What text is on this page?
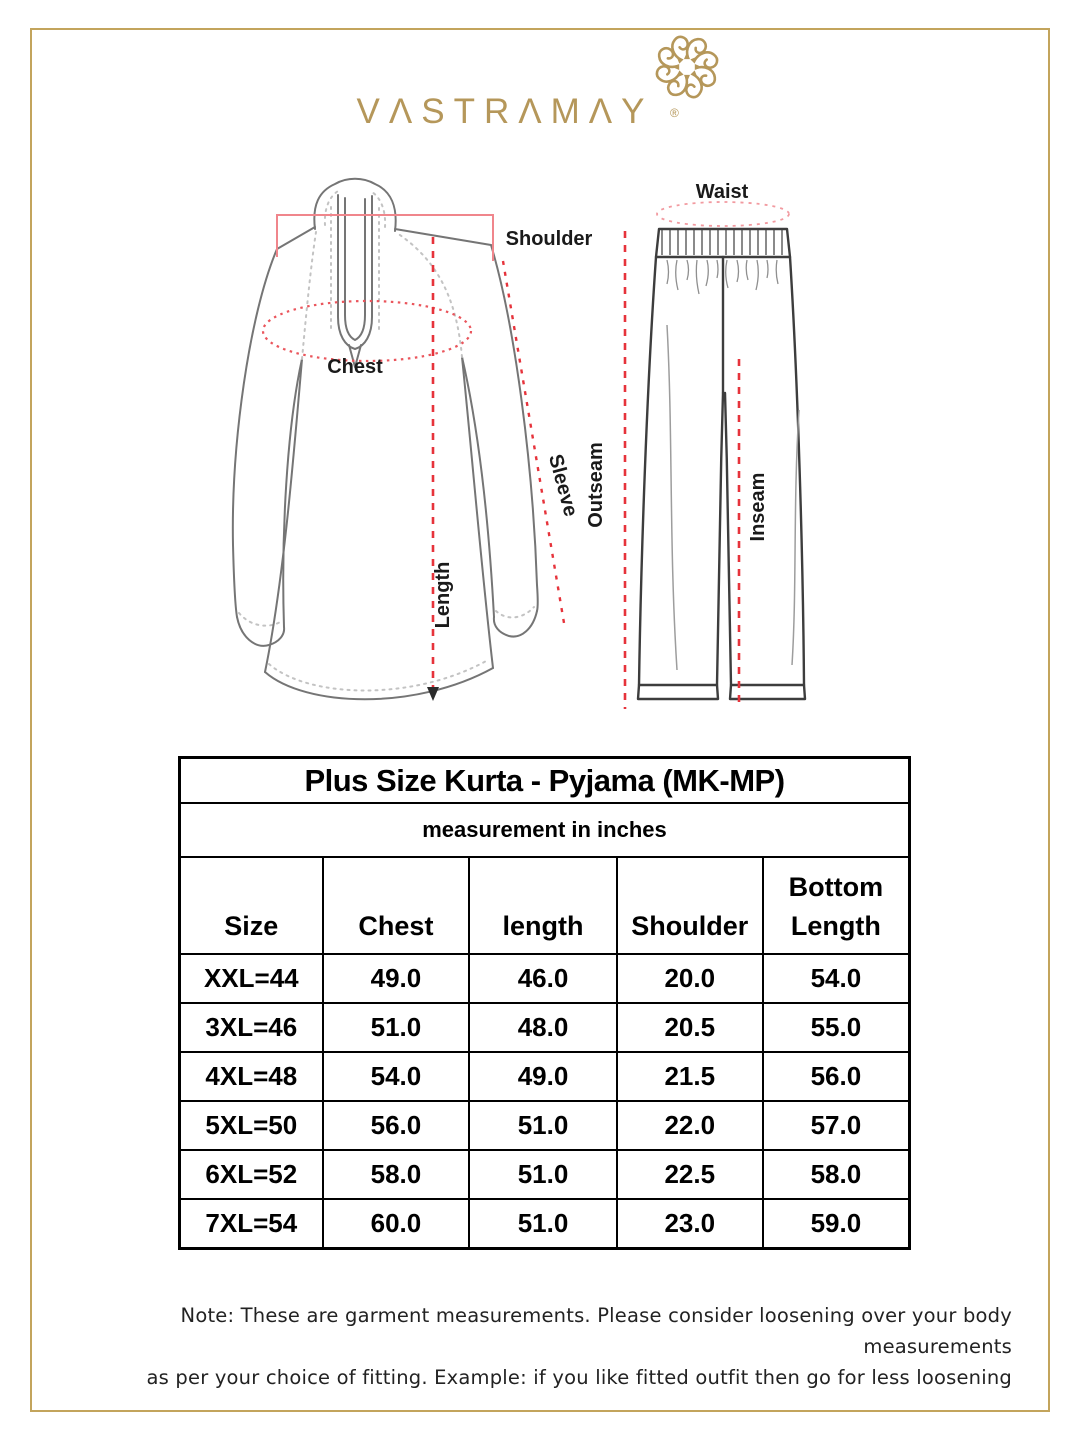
VΛSTRΛMΛY	®
Shoulder
Chest
Sleeve
Length
Waist
Outseam	Inseam
Plus Size Kurta - Pyjama (MK-MP)				
measurement in inches				
Size	Chest	length	Shoulder	Bottom Length
XXL=44	49.0	46.0	20.0	54.0
3XL=46	51.0	48.0	20.5	55.0
4XL=48	54.0	49.0	21.5	56.0
5XL=50	56.0	51.0	22.0	57.0
6XL=52	58.0	51.0	22.5	58.0
7XL=54	60.0	51.0	23.0	59.0
Note: These are garment measurements. Please consider loosening over your body measurements
as per your choice of fitting. Example: if you like fitted outfit then go for less loosening
